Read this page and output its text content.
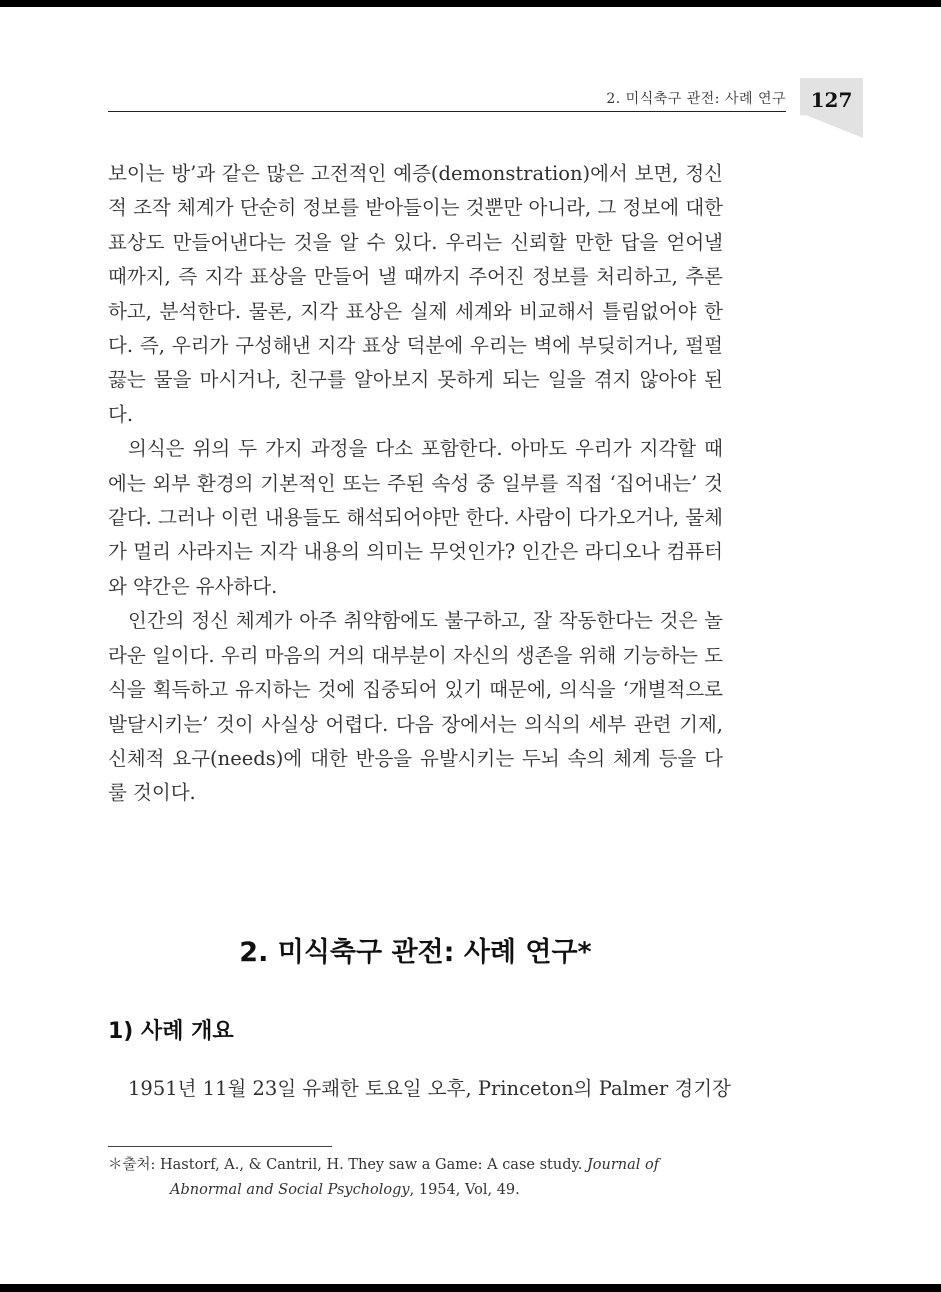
2. 미식축구 관전: 사례 연구	127

보이는 방’과 같은 많은 고전적인 예증(demonstration)에서 보면, 정신적 조작 체계가 단순히 정보를 받아들이는 것뿐만 아니라, 그 정보에 대한 표상도 만들어낸다는 것을 알 수 있다. 우리는 신뢰할 만한 답을 얻어낼 때까지, 즉 지각 표상을 만들어 낼 때까지 주어진 정보를 처리하고, 추론하고, 분석한다. 물론, 지각 표상은 실제 세계와 비교해서 틀림없어야 한다. 즉, 우리가 구성해낸 지각 표상 덕분에 우리는 벽에 부딪히거나, 펄펄 끓는 물을 마시거나, 친구를 알아보지 못하게 되는 일을 겪지 않아야 된다.

의식은 위의 두 가지 과정을 다소 포함한다. 아마도 우리가 지각할 때에는 외부 환경의 기본적인 또는 주된 속성 중 일부를 직접 ‘집어내는’ 것 같다. 그러나 이런 내용들도 해석되어야만 한다. 사람이 다가오거나, 물체가 멀리 사라지는 지각 내용의 의미는 무엇인가? 인간은 라디오나 컴퓨터와 약간은 유사하다.

인간의 정신 체계가 아주 취약함에도 불구하고, 잘 작동한다는 것은 놀라운 일이다. 우리 마음의 거의 대부분이 자신의 생존을 위해 기능하는 도식을 획득하고 유지하는 것에 집중되어 있기 때문에, 의식을 ‘개별적으로 발달시키는’ 것이 사실상 어렵다. 다음 장에서는 의식의 세부 관련 기제, 신체적 요구(needs)에 대한 반응을 유발시키는 두뇌 속의 체계 등을 다룰 것이다.

2. 미식축구 관전: 사례 연구*
1) 사례 개요
1951년 11월 23일 유쾌한 토요일 오후, Princeton의 Palmer 경기장
＊출처: Hastorf, A., & Cantril, H. They saw a Game: A case study. Journal of
Abnormal and Social Psychology, 1954, Vol, 49.
